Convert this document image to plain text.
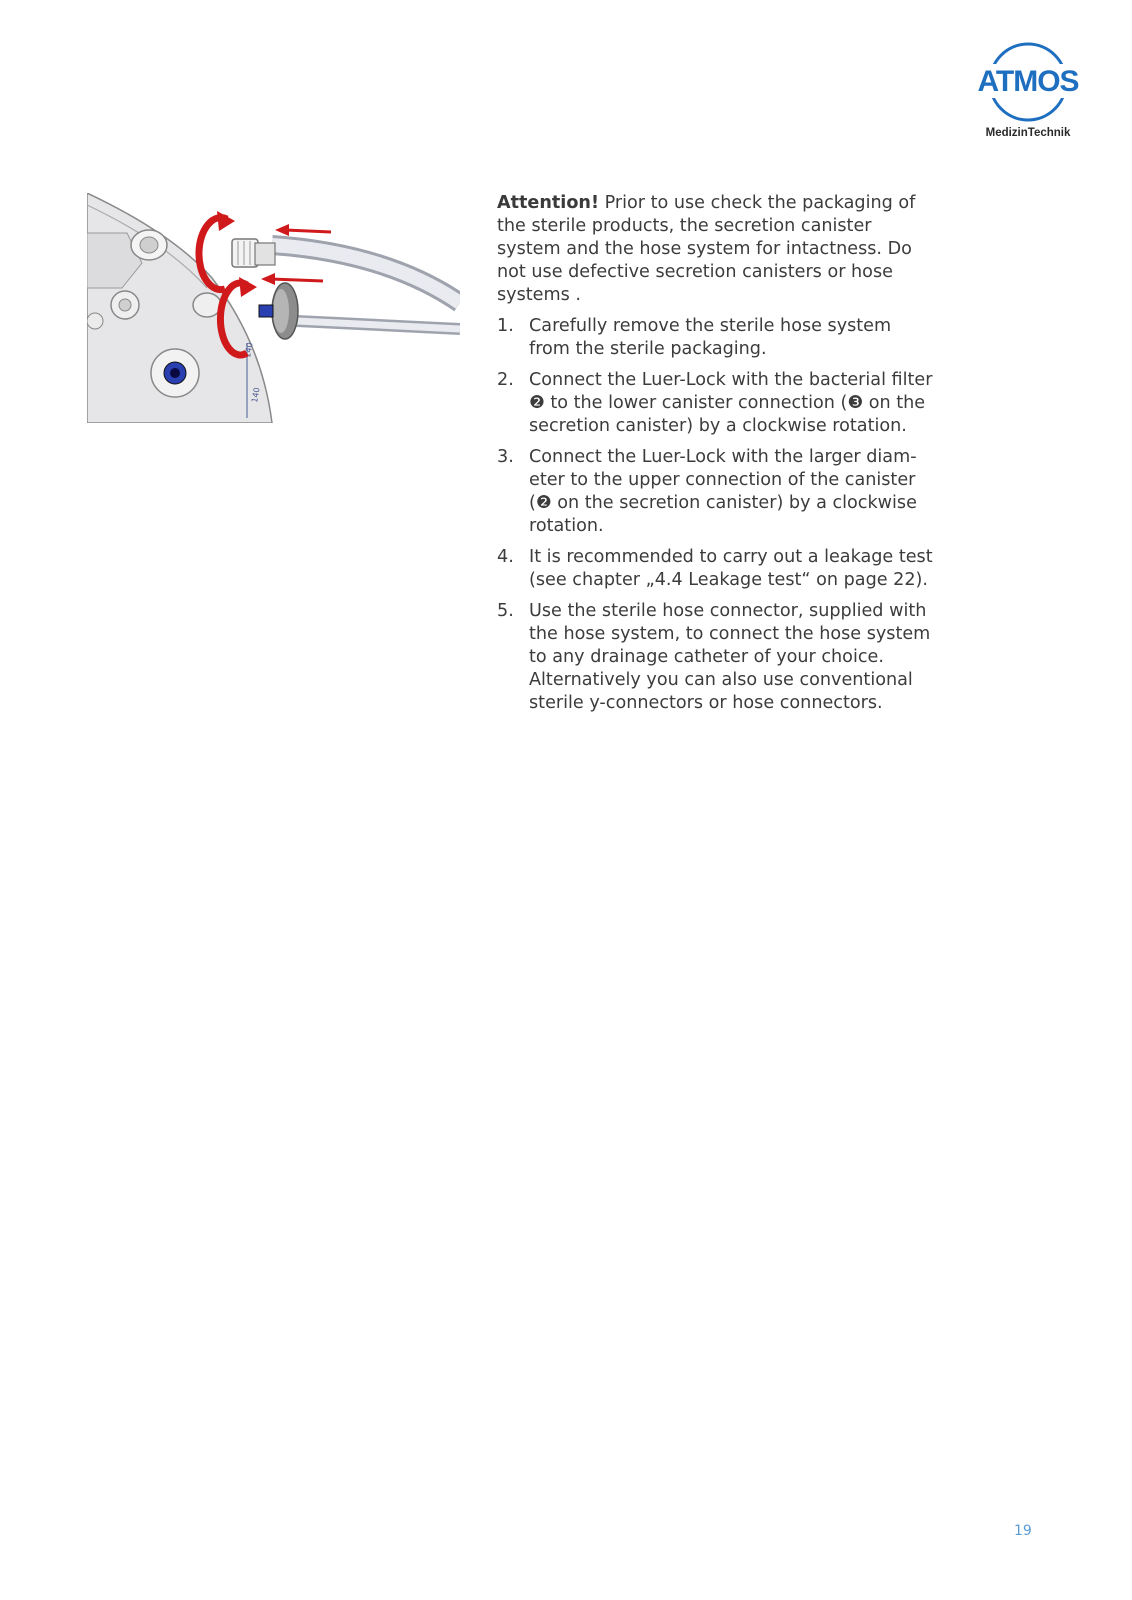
ATMOS
MedizinTechnik
140
140

Attention! Prior to use check the packaging of the sterile products, the secretion canister system and the hose system for intactness. Do not use defective secretion canisters or hose systems .

1. Carefully remove the sterile hose system from the sterile packaging.
2. Connect the Luer-Lock with the bacterial filter ❷ to the lower canister connection (❸ on the secretion canister) by a clockwise rotation.
3. Connect the Luer-Lock with the larger diam-eter to the upper connection of the canister (❷ on the secretion canister) by a clockwise rotation.
4. It is recommended to carry out a leakage test (see chapter „4.4 Leakage test“ on page 22).
5. Use the sterile hose connector, supplied with the hose system, to connect the hose system to any drainage catheter of your choice. Alternatively you can also use conventional sterile y-connectors or hose connectors.
19
